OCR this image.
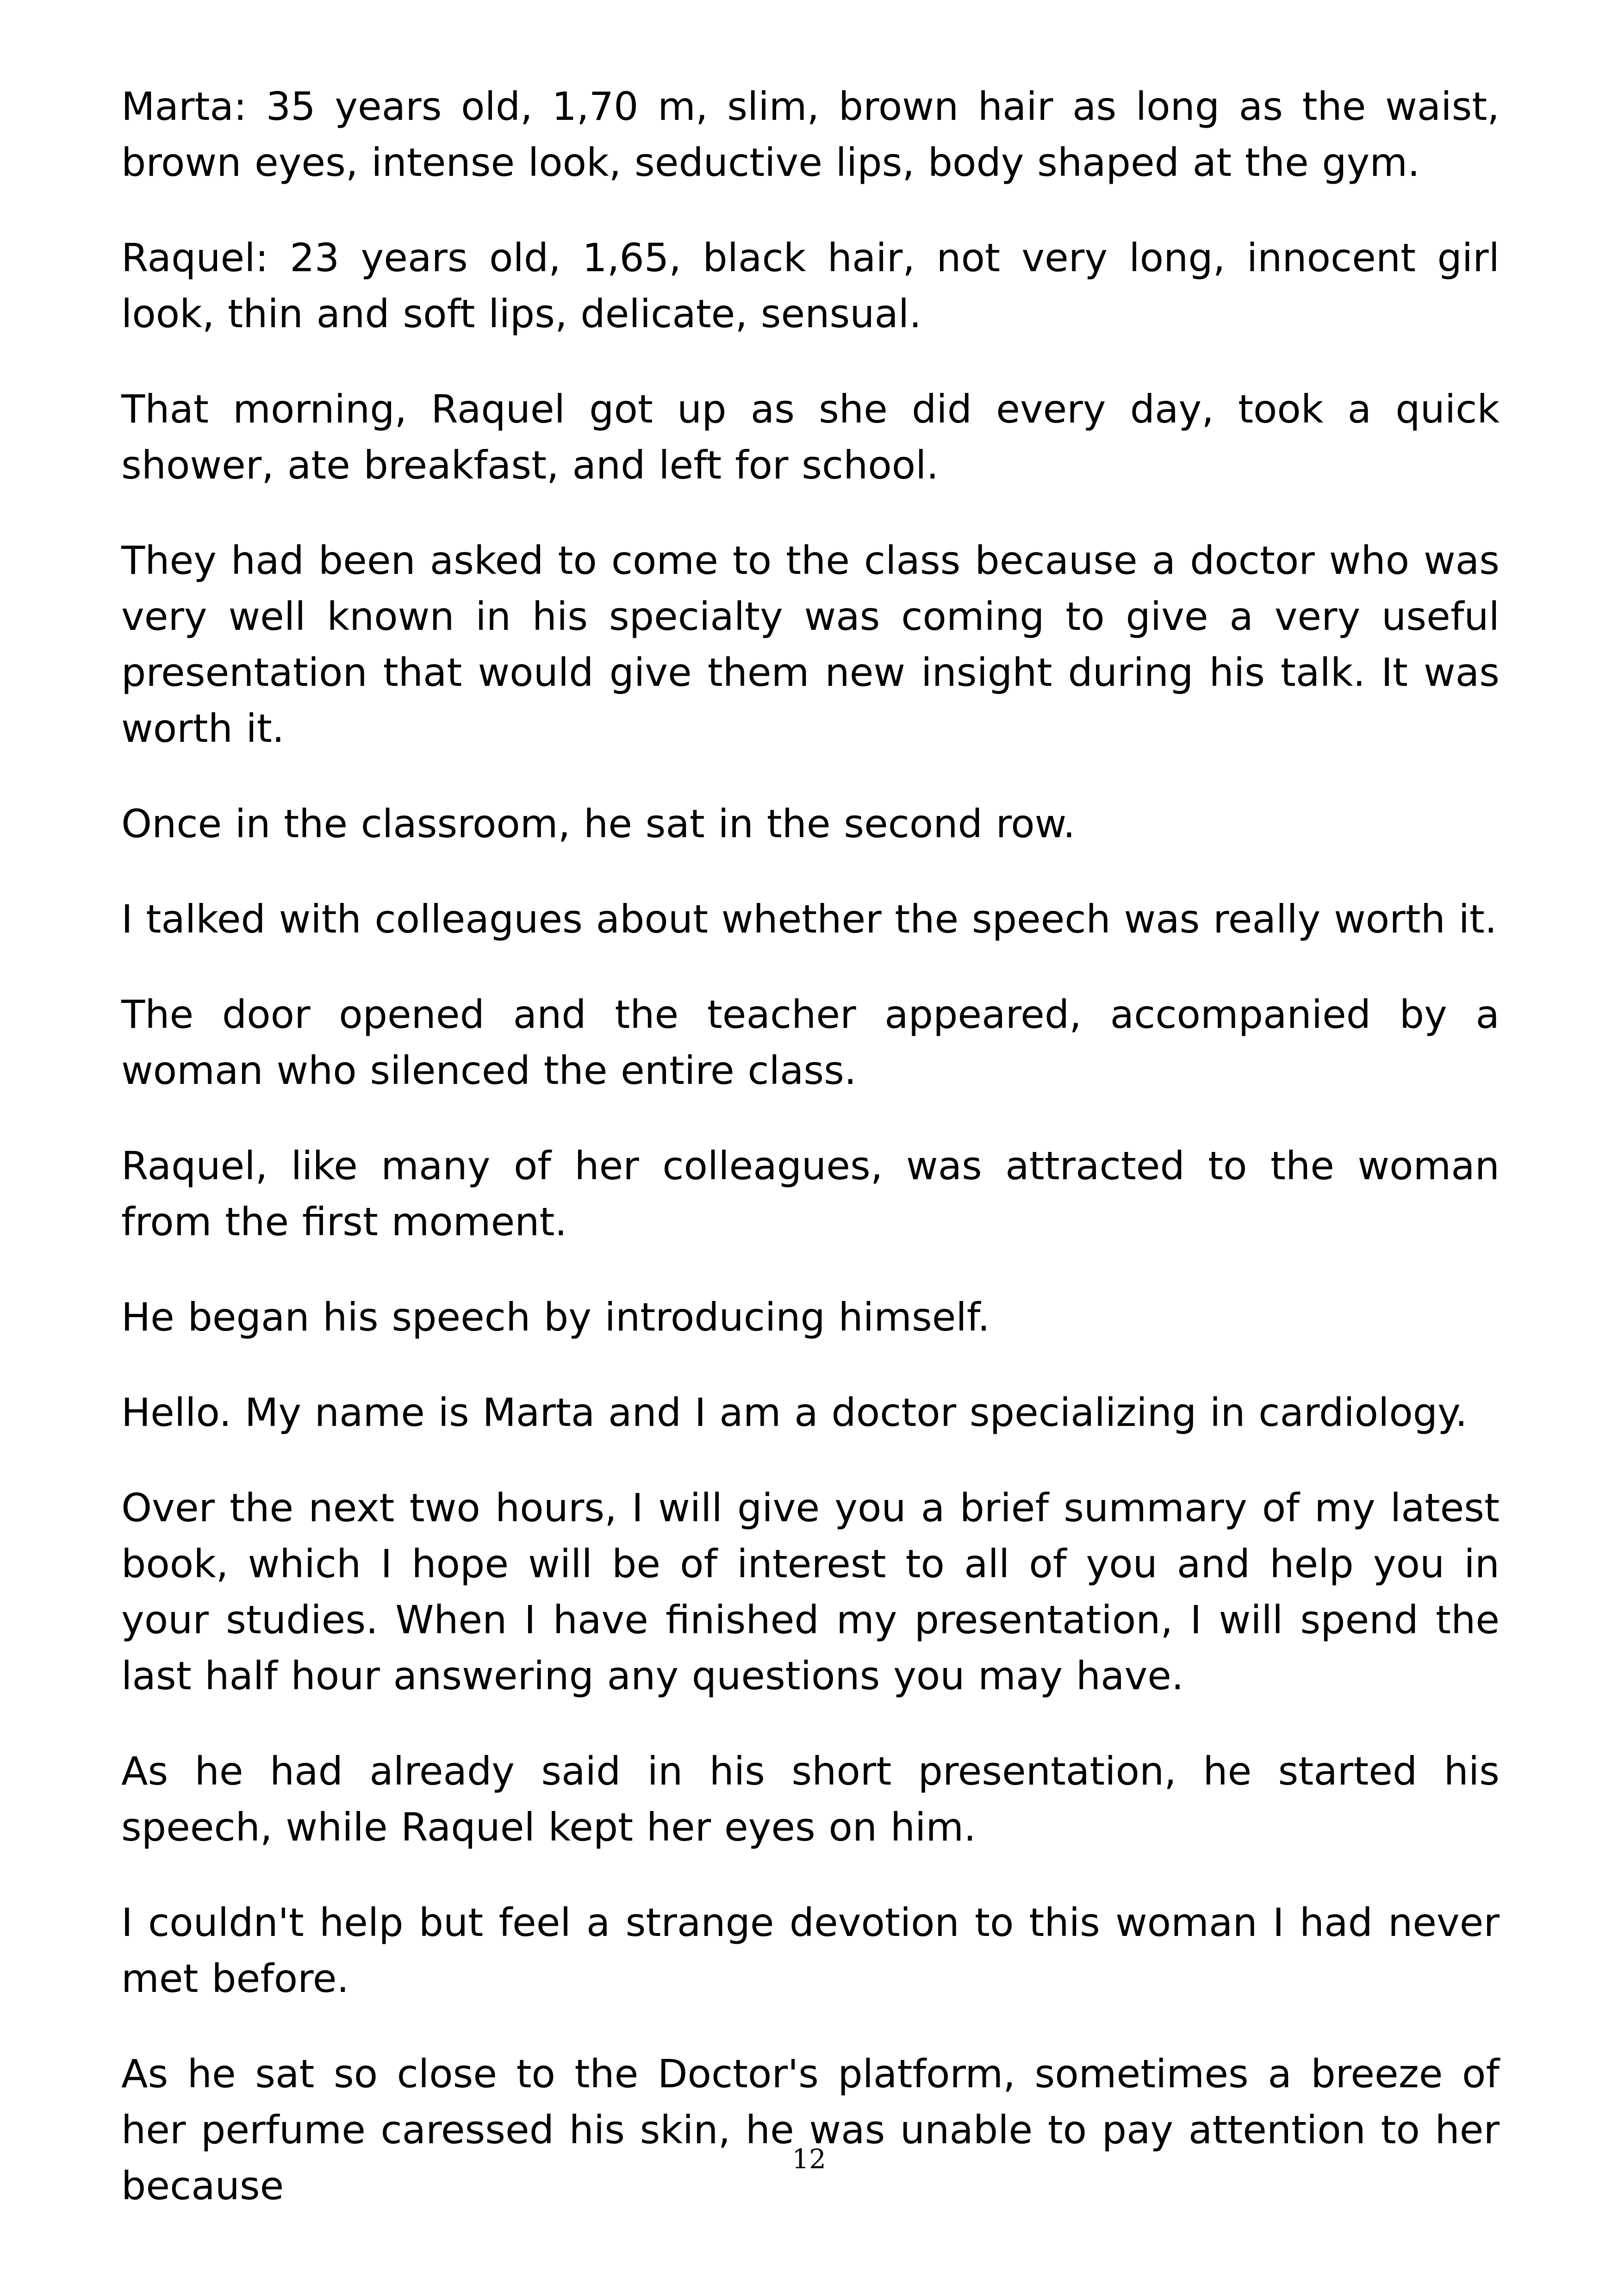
Marta: 35 years old, 1,70 m, slim, brown hair as long as the waist, brown eyes, intense look, seductive lips, body shaped at the gym.

Raquel: 23 years old, 1,65, black hair, not very long, innocent girl look, thin and soft lips, delicate, sensual.

That morning, Raquel got up as she did every day, took a quick shower, ate breakfast, and left for school.

They had been asked to come to the class because a doctor who was very well known in his specialty was coming to give a very useful presentation that would give them new insight during his talk. It was worth it.

Once in the classroom, he sat in the second row.

I talked with colleagues about whether the speech was really worth it.

The door opened and the teacher appeared, accompanied by a woman who silenced the entire class.

Raquel, like many of her colleagues, was attracted to the woman from the first moment.

He began his speech by introducing himself.

Hello. My name is Marta and I am a doctor specializing in cardiology.

Over the next two hours, I will give you a brief summary of my latest book, which I hope will be of interest to all of you and help you in your studies. When I have finished my presentation, I will spend the last half hour answering any questions you may have.

As he had already said in his short presentation, he started his speech, while Raquel kept her eyes on him.

I couldn't help but feel a strange devotion to this woman I had never met before.

As he sat so close to the Doctor's platform, sometimes a breeze of her perfume caressed his skin, he was unable to pay attention to her because

12
